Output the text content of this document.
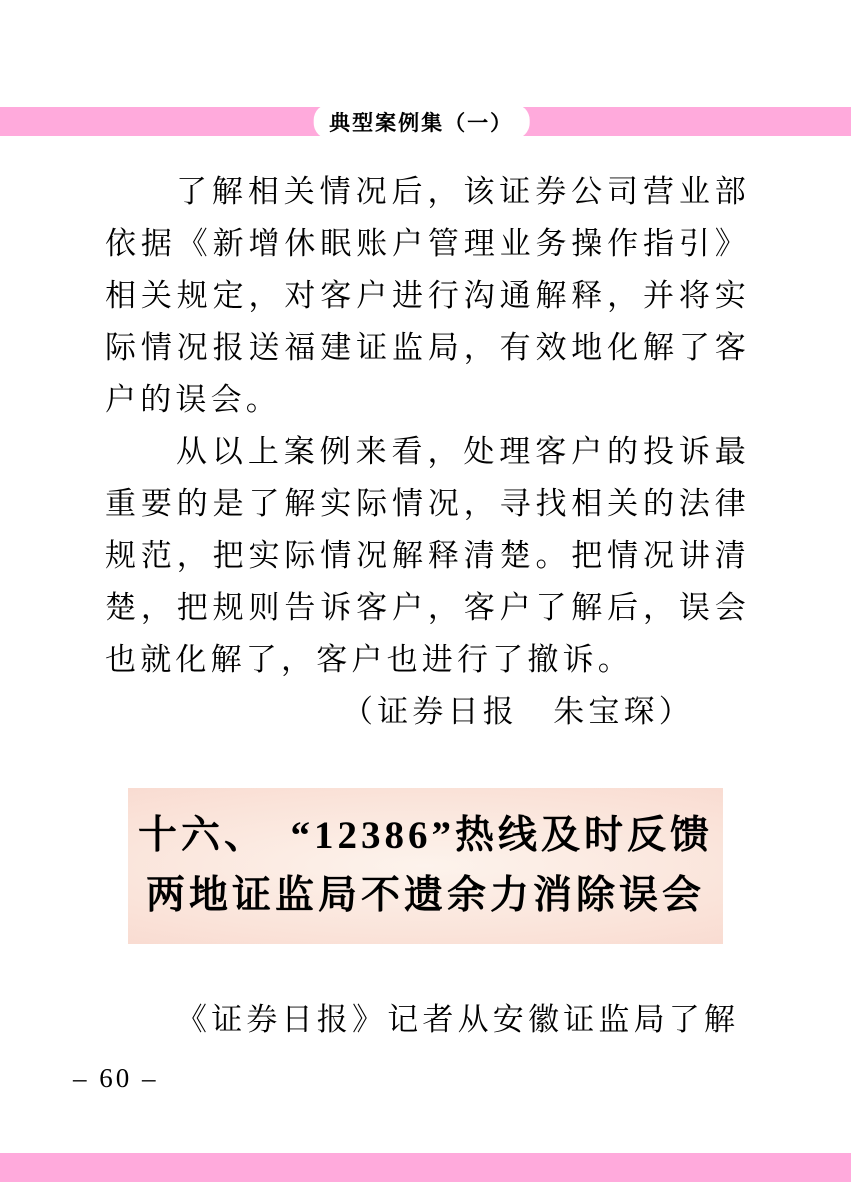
典型案例集（一）

了解相关情况后，该证券公司营业部依据《新增休眠账户管理业务操作指引》相关规定，对客户进行沟通解释，并将实际情况报送福建证监局，有效地化解了客户的误会。

从以上案例来看，处理客户的投诉最重要的是了解实际情况，寻找相关的法律规范，把实际情况解释清楚。把情况讲清楚，把规则告诉客户，客户了解后，误会也就化解了，客户也进行了撤诉。

（证券日报　朱宝琛）

十六、　“12386”热线及时反馈
两地证监局不遗余力消除误会

《证券日报》记者从安徽证监局了解

– 60 –
